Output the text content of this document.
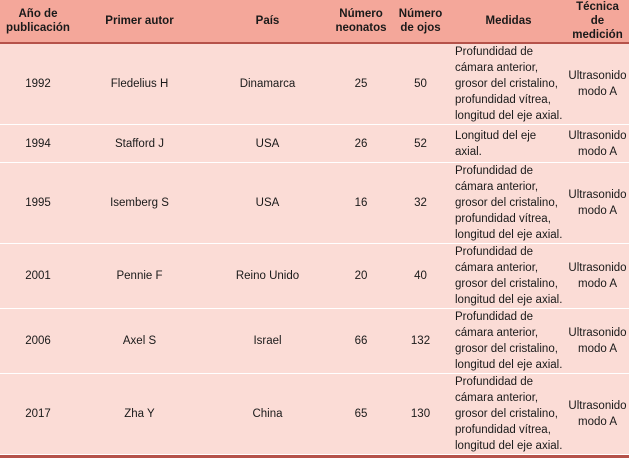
Año de publicación	Primer autor	País	Número neonatos	Número de ojos	Medidas	Técnica de medición
1992	Fledelius H	Dinamarca	25	50	Profundidad de cámara anterior, grosor del cristalino, profundidad vítrea, longitud del eje axial.	Ultrasonido modo A
1994	Stafford J	USA	26	52	Longitud del eje axial.	Ultrasonido modo A
1995	Isemberg S	USA	16	32	Profundidad de cámara anterior, grosor del cristalino, profundidad vítrea, longitud del eje axial.	Ultrasonido modo A
2001	Pennie F	Reino Unido	20	40	Profundidad de cámara anterior, grosor del cristalino, longitud del eje axial.	Ultrasonido modo A
2006	Axel S	Israel	66	132	Profundidad de cámara anterior, grosor del cristalino, longitud del eje axial.	Ultrasonido modo A
2017	Zha Y	China	65	130	Profundidad de cámara anterior, grosor del cristalino, profundidad vítrea, longitud del eje axial.	Ultrasonido modo A
